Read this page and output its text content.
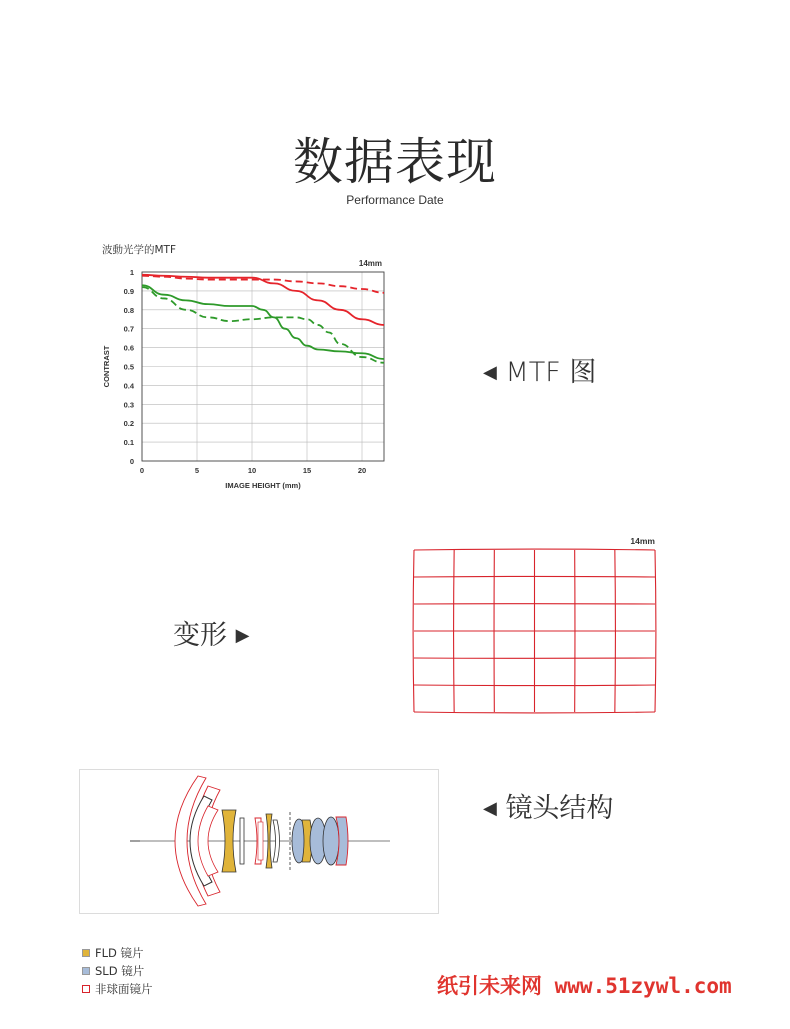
数据表现
Performance Date
波動光学的MTF
14mm
0
0.1
0.2
0.3
0.4
0.5
0.6
0.7
0.8
0.9
1
0	5	10	15	20
IMAGE HEIGHT (mm)
CONTRAST	◀ MTF 图
变形 ▶
14mm
◀ 镜头结构
FLD 镜片
SLD 镜片
非球面镜片	纸引未来网 www.51zywl.com
